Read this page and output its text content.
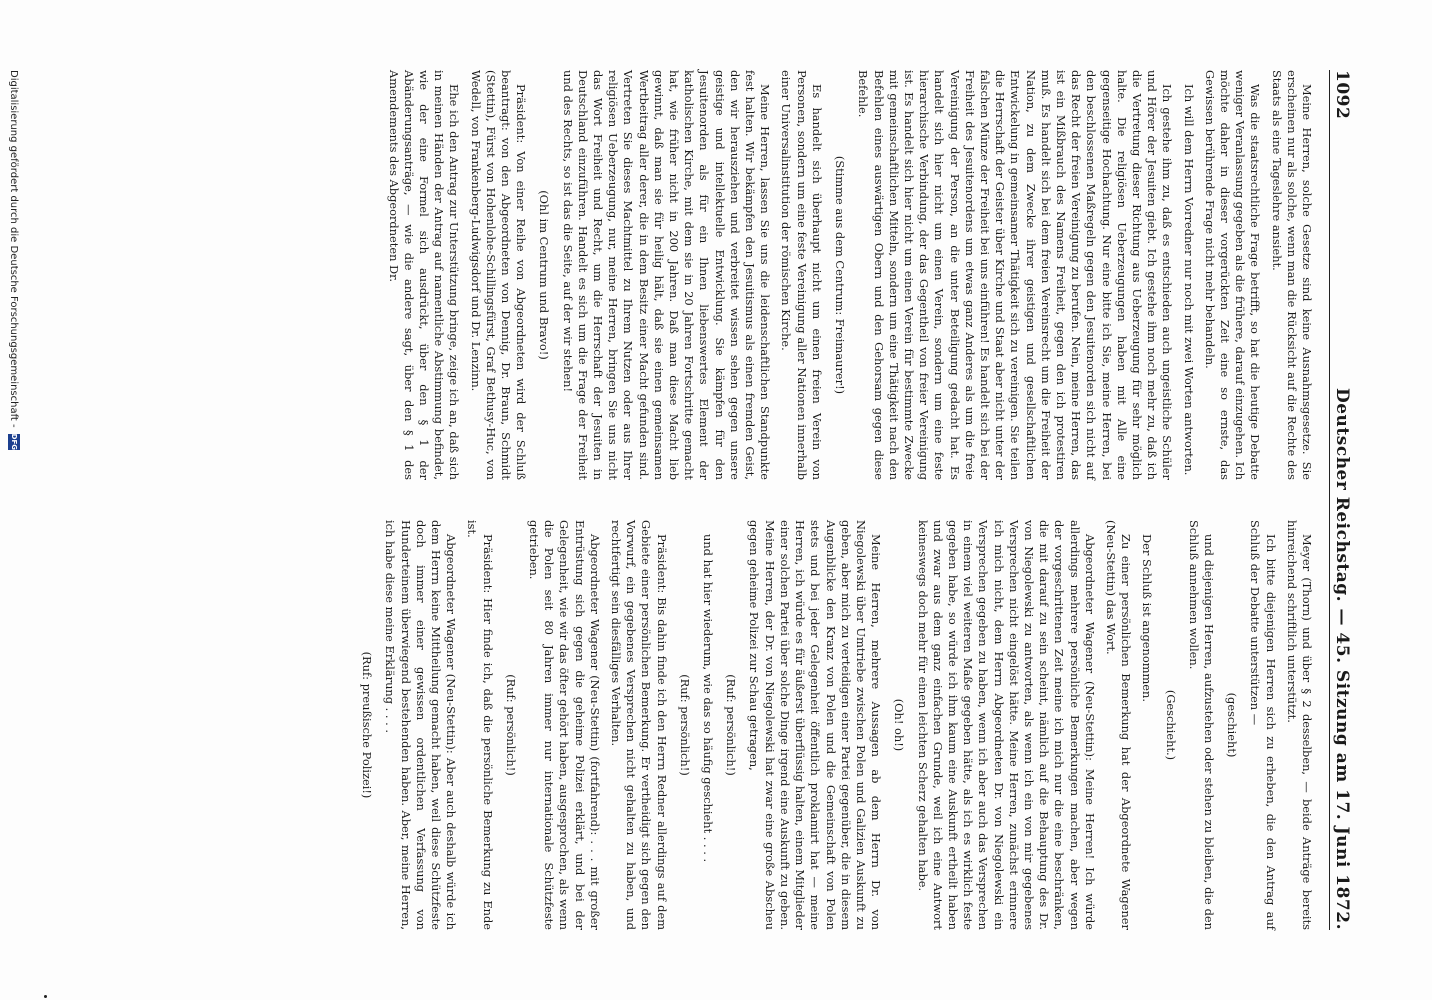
1092
Deutscher Reichstag. — 45. Sitzung am 17. Juni 1872.

Meine Herren, solche Gesetze sind keine Ausnahmsgesetze. Sie erscheinen nur als solche, wenn man die Rücksicht auf die Rechte des Staats als eine Tageslehre ansieht.

Was die staatsrechtliche Frage betrifft, so hat die heutige Debatte weniger Veranlassung gegeben als die frühere, darauf einzugehen. Ich möchte daher in dieser vorgerückten Zeit eine so ernste, das Gewissen berührende Frage nicht mehr behandeln.

Ich will dem Herrn Vorredner nur noch mit zwei Worten antworten.

Ich gestehe ihm zu, daß es entschieden auch ungeistliche Schüler und Hörer der Jesuiten giebt. Ich gestehe ihm noch mehr zu, daß ich die Vertretung dieser Richtung aus Ueberzeugung für sehr möglich halte. Die religiösen Ueberzeugungen haben mit Alle eine gegenseitige Hochachtung. Nur eine bitte ich Sie, meine Herren, bei den beschlossenen Maßregeln gegen den Jesuitenorden sich nicht auf das Recht der freien Vereinigung zu berufen. Nein, meine Herren, das ist ein Mißbrauch des Namens Freiheit, gegen den ich protestiren muß. Es handelt sich bei dem freien Vereinsrecht um die Freiheit der Nation, zu dem Zwecke ihrer geistigen und gesellschaftlichen Entwickelung in gemeinsamer Thätigkeit sich zu vereinigen. Sie teilen die Herrschaft der Geister über Kirche und Staat aber nicht unter der falschen Münze der Freiheit bei uns einführen! Es handelt sich bei der Freiheit des Jesuitenordens um etwas ganz Anderes als um die freie Vereinigung der Person, an die unter Beteiligung gedacht hat. Es handelt sich hier nicht um einen Verein, sondern um eine feste hierarchische Verbindung, der das Gegentheil von freier Vereinigung ist. Es handelt sich hier nicht um einen Verein für bestimmte Zwecke mit gemeinschaftlichen Mitteln, sondern um eine Thätigkeit nach den Befehlen eines auswärtigen Obern und den Gehorsam gegen diese Befehle.

(Stimme aus dem Centrum: Freimaurer!)

Es handelt sich überhaupt nicht um einen freien Verein von Personen, sondern um eine feste Vereinigung aller Nationen innerhalb einer Universalinstitution der römischen Kirche.

Meine Herren, lassen Sie uns die leidenschaftlichen Standpunkte fest halten. Wir bekämpfen den Jesuitismus als einen fremden Geist, den wir herausziehen und verbreitet wissen sehen gegen unsere geistige und intellektuelle Entwicklung. Sie kämpfen für den Jesuitenorden als für ein Ihnen liebenswertes Element der katholischen Kirche, mit dem sie in 20 Jahren Fortschritte gemacht hat, wie früher nicht in 200 Jahren. Daß man diese Macht lieb gewinnt, daß man sie für heilig hält, daß sie einen gemeinsamen Wertbeitrag aller derer, die in dem Besitz einer Macht gefunden sind. Vertreten Sie dieses Machtmittel zu Ihrem Nutzen oder aus Ihrer religiösen Ueberzeugung, nur, meine Herren, bringen Sie uns nicht das Wort Freiheit und Recht, um die Herrschaft der Jesuiten in Deutschland einzuführen. Handelt es sich um die Frage der Freiheit und des Rechts, so ist das die Seite, auf der wir stehen!

(Ohl im Centrum und Bravo!)

Präsident: Von einer Reihe von Abgeordneten wird der Schluß beantragt: von den Abgeordneten von Dennig, Dr. Braun, Schmidt (Stettin), Fürst von Hohenlohe-Schillingsfürst, Graf Bethusy-Huc, von Wedell, von Frankenberg-Ludwigsdorf und Dr. Lenzinn.

Ehe ich den Antrag zur Unterstützung bringe, zeige ich an, daß sich in meinen Händen der Antrag auf namentliche Abstimmung befindet, wie der eine Formel sich ausdrückt, über den § 1 der Abänderungsanträge, — wie die andere sagt, über den § 1 des Amendements des Abgeordneten Dr.

Meyer (Thorn) und über § 2 desselben, — beide Anträge bereits hinreichend schriftlich unterstützt.

Ich bitte diejenigen Herren sich zu erheben, die den Antrag auf Schluß der Debatte unterstützen —

(geschieht)

und diejenigen Herren, aufzustehen oder stehen zu bleiben, die den Schluß annehmen wollen.

(Geschieht.)

Der Schluß ist angenommen.

Zu einer persönlichen Bemerkung hat der Abgeordnete Wagener (Neu-Stettin) das Wort.

Abgeordneter Wagener (Neu-Stettin): Meine Herren! Ich würde allerdings mehrere persönliche Bemerkungen machen, aber wegen der vorgeschrittenen Zeit meine ich mich nur die eine beschränken, die mit darauf zu sein scheint, nämlich auf die Behauptung des Dr. von Niegolewski zu antworten, als wenn ich ein von mir gegebenes Versprechen nicht eingelöst hätte. Meine Herren, zunächst erinnere ich mich nicht, dem Herrn Abgeordneten Dr. von Niegolewski ein Versprechen gegeben zu haben, wenn ich aber auch das Versprechen in einem viel weiteren Maße gegeben hätte, als ich es wirklich feste gegeben habe, so würde ich ihm kaum eine Auskunft ertheilt haben und zwar aus dem ganz einfachen Grunde, weil ich eine Antwort keineswegs doch mehr für einen leichten Scherz gehalten habe.

(Oh! oh!)

Meine Herren, mehrere Aussagen ab dem Herrn Dr. von Niegolewski über Umtriebe zwischen Polen und Galizien Auskunft zu geben, aber mich zu verteidigen einer Partei gegenüber, die in diesem Augenblicke den Kranz von Polen und die Gemeinschaft von Polen stets und bei jeder Gelegenheit öffentlich proklamirt hat — meine Herren, ich würde es für äußerst überflüssig halten, einem Mitglieder einer solchen Partei über solche Dinge irgend eine Auskunft zu geben. Meine Herren, der Dr. von Niegolewski hat zwar eine große Abscheu gegen geheime Polizei zur Schau getragen,

(Ruf: persönlich!)

und hat hier wiederum, wie das so häufig geschieht . . . .

(Ruf: persönlich!)

Präsident: Bis dahin finde ich den Herrn Redner allerdings auf dem Gebiete einer persönlichen Bemerkung. Er vertheidigt sich gegen den Vorwurf, ein gegebenes Versprechen nicht gehalten zu haben, und rechtfertigt sein diesfälliges Verhalten.

Abgeordneter Wagener (Neu-Stettin) (fortfahrend): . . . mit großer Entrüstung sich gegen die geheime Polizei erklärt, und bei der Gelegenheit, wie wir das öfter gehört haben, ausgesprochen, als wenn die Polen seit 80 Jahren immer nur internationale Schützfeste getrieben.

(Ruf: persönlich!)

Präsident: Hier finde ich, daß die persönliche Bemerkung zu Ende ist.

Abgeordneter Wagener (Neu-Stettin): Aber auch deshalb würde ich dem Herrn keine Mittheilung gemacht haben, weil diese Schützfeste doch immer einer gewissen ordentlichen Verfassung von Hunderteinem überwiegend bestehenden haben. Aber, meine Herren, ich habe diese meine Erklärung . . . .

(Ruf: preußische Polizei!)

Digitalisierung gefördert durch die Deutsche Forschungsgemeinschaft -
DFG
